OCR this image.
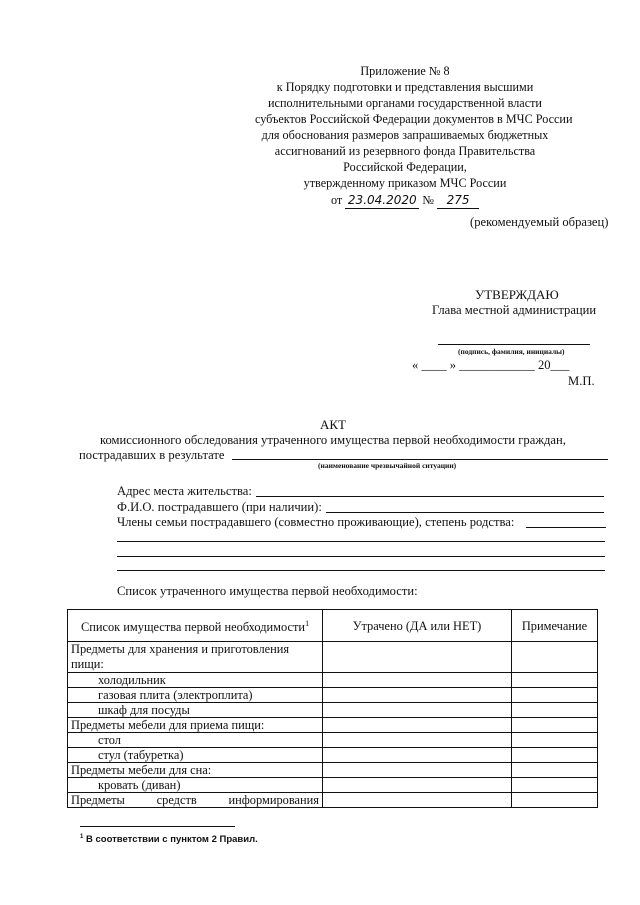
Приложение № 8
к Порядку подготовки и представления высшими
исполнительными органами государственной власти
субъектов Российской Федерации документов в МЧС России
для обоснования размеров запрашиваемых бюджетных
ассигнований из резервного фонда Правительства
Российской Федерации,
утвержденному приказом МЧС России
от 23.04.2020 № 275
(рекомендуемый образец)
УТВЕРЖДАЮ
Глава местной администрации
(подпись, фамилия, инициалы)
« ____ » ____________ 20___
М.П.
АКТ
комиссионного обследования утраченного имущества первой необходимости граждан,
пострадавших в результате
(наименование чрезвычайной ситуации)
Адрес места жительства:
Ф.И.О. пострадавшего (при наличии):
Члены семьи пострадавшего (совместно проживающие), степень родства:
Список утраченного имущества первой необходимости:
Список имущества первой необходимости$^1$	Утрачено (ДА или НЕТ)	Примечание
Предметы для хранения и приготовления пищи:		
холодильник		
газовая плита (электроплита)		
шкаф для посуды		
Предметы мебели для приема пищи:		
стол		
стул (табуретка)		
Предметы мебели для сна:		
кровать (диван)		
Предметы средств информирования		
$^1$ В соответствии с пунктом 2 Правил.
